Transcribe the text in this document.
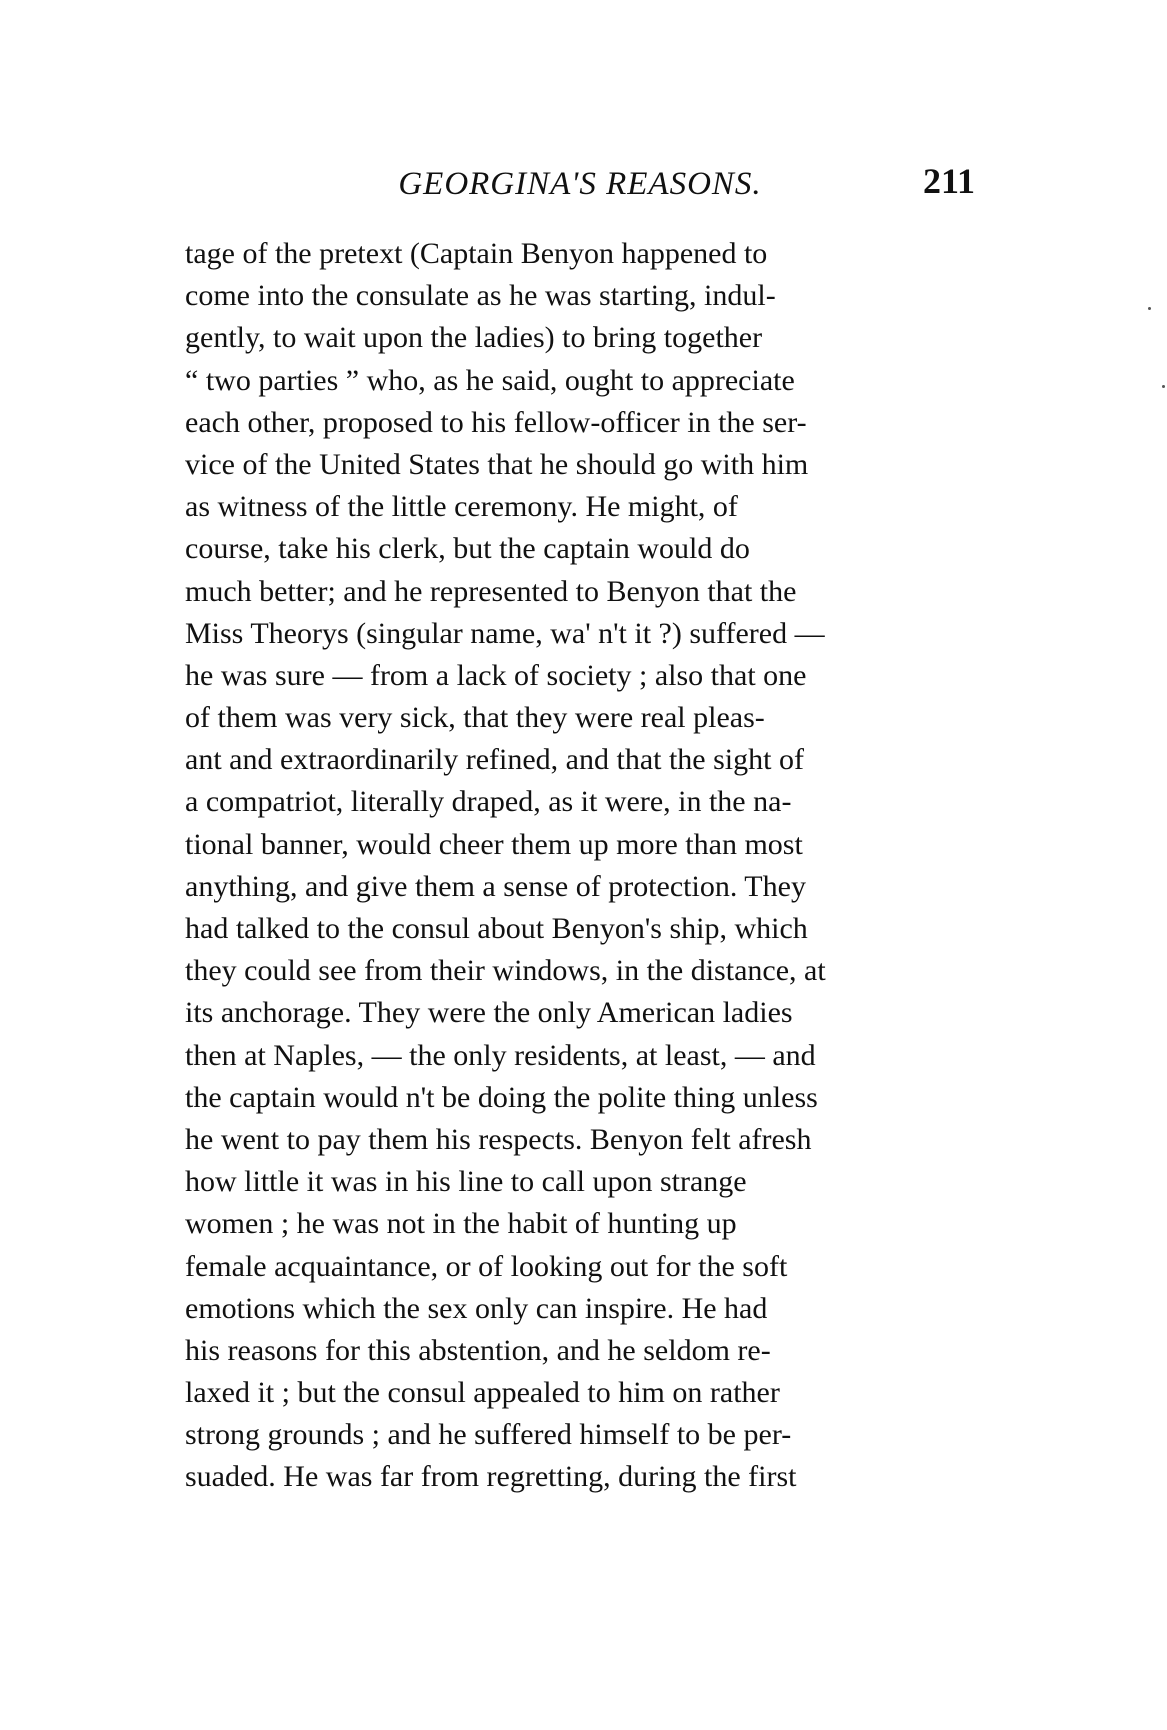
GEORGINA'S REASONS.	211
tage of the pretext (Captain Benyon happened to
come into the consulate as he was starting, indul-
gently, to wait upon the ladies) to bring together
“ two parties ” who, as he said, ought to appreciate
each other, proposed to his fellow-officer in the ser-
vice of the United States that he should go with him
as witness of the little ceremony. He might, of
course, take his clerk, but the captain would do
much better; and he represented to Benyon that the
Miss Theorys (singular name, wa' n't it ?) suffered —
he was sure — from a lack of society ; also that one
of them was very sick, that they were real pleas-
ant and extraordinarily refined, and that the sight of
a compatriot, literally draped, as it were, in the na-
tional banner, would cheer them up more than most
anything, and give them a sense of protection. They
had talked to the consul about Benyon's ship, which
they could see from their windows, in the distance, at
its anchorage. They were the only American ladies
then at Naples, — the only residents, at least, — and
the captain would n't be doing the polite thing unless
he went to pay them his respects. Benyon felt afresh
how little it was in his line to call upon strange
women ; he was not in the habit of hunting up
female acquaintance, or of looking out for the soft
emotions which the sex only can inspire. He had
his reasons for this abstention, and he seldom re-
laxed it ; but the consul appealed to him on rather
strong grounds ; and he suffered himself to be per-
suaded. He was far from regretting, during the first
